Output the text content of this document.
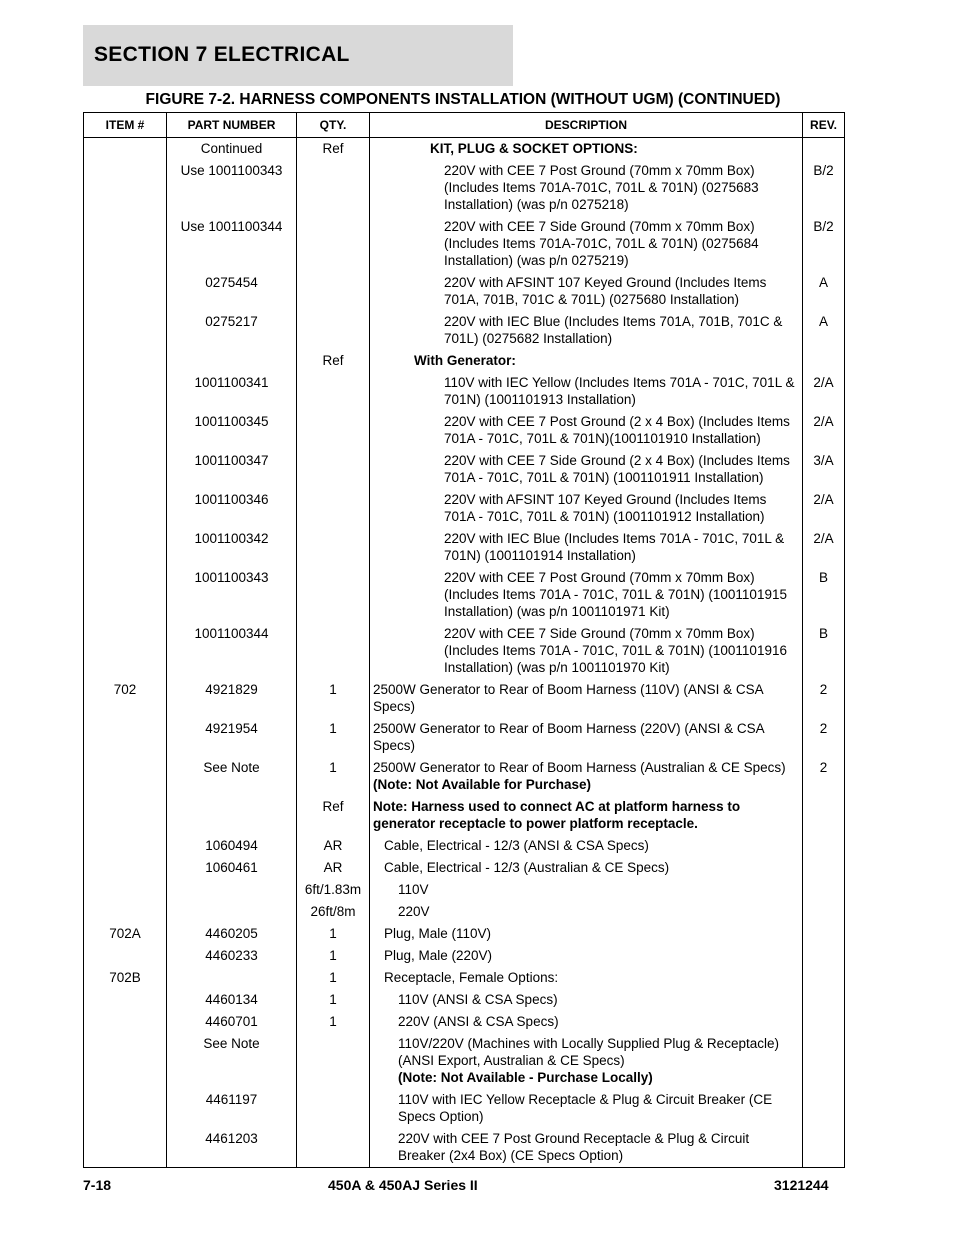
SECTION 7 ELECTRICAL
FIGURE 7-2. HARNESS COMPONENTS INSTALLATION (WITHOUT UGM) (CONTINUED)
ITEM #	PART NUMBER	QTY.	DESCRIPTION	REV.
	Continued	Ref	KIT, PLUG & SOCKET OPTIONS:	
	Use 1001100343		220V with CEE 7 Post Ground (70mm x 70mm Box) (Includes Items 701A-701C, 701L & 701N) (0275683 Installation) (was p/n 0275218)	B/2
	Use 1001100344		220V with CEE 7 Side Ground (70mm x 70mm Box) (Includes Items 701A-701C, 701L & 701N) (0275684 Installation) (was p/n 0275219)	B/2
	0275454		220V with AFSINT 107 Keyed Ground (Includes Items 701A, 701B, 701C & 701L) (0275680 Installation)	A
	0275217		220V with IEC Blue (Includes Items 701A, 701B, 701C & 701L) (0275682 Installation)	A
		Ref	With Generator:	
	1001100341		110V with IEC Yellow (Includes Items 701A - 701C, 701L & 701N) (1001101913 Installation)	2/A
	1001100345		220V with CEE 7 Post Ground (2 x 4 Box) (Includes Items 701A - 701C, 701L & 701N)(1001101910 Installation)	2/A
	1001100347		220V with CEE 7 Side Ground (2 x 4 Box) (Includes Items 701A - 701C, 701L & 701N) (1001101911 Installation)	3/A
	1001100346		220V with AFSINT 107 Keyed Ground (Includes Items 701A - 701C, 701L & 701N) (1001101912 Installation)	2/A
	1001100342		220V with IEC Blue (Includes Items 701A - 701C, 701L & 701N) (1001101914 Installation)	2/A
	1001100343		220V with CEE 7 Post Ground (70mm x 70mm Box) (Includes Items 701A - 701C, 701L & 701N) (1001101915 Installation) (was p/n 1001101971 Kit)	B
	1001100344		220V with CEE 7 Side Ground (70mm x 70mm Box) (Includes Items 701A - 701C, 701L & 701N) (1001101916 Installation) (was p/n 1001101970 Kit)	B
702	4921829	1	2500W Generator to Rear of Boom Harness (110V) (ANSI & CSA Specs)	2
	4921954	1	2500W Generator to Rear of Boom Harness (220V) (ANSI & CSA Specs)	2
	See Note	1	2500W Generator to Rear of Boom Harness (Australian & CE Specs) (Note: Not Available for Purchase)	2
		Ref	Note: Harness used to connect AC at platform harness to generator receptacle to power platform receptacle.	
	1060494	AR	Cable, Electrical - 12/3 (ANSI & CSA Specs)	
	1060461	AR	Cable, Electrical - 12/3 (Australian & CE Specs)	
		6ft/1.83m	110V	
		26ft/8m	220V	
702A	4460205	1	Plug, Male (110V)	
	4460233	1	Plug, Male (220V)	
702B		1	Receptacle, Female Options:	
	4460134	1	110V (ANSI & CSA Specs)	
	4460701	1	220V (ANSI & CSA Specs)	
	See Note		110V/220V (Machines with Locally Supplied Plug & Receptacle) (ANSI Export, Australian & CE Specs)
(Note: Not Available - Purchase Locally)	
	4461197		110V with IEC Yellow Receptacle & Plug & Circuit Breaker (CE Specs Option)	
	4461203		220V with CEE 7 Post Ground Receptacle & Plug & Circuit Breaker (2x4 Box) (CE Specs Option)	
7-18	450A & 450AJ Series II	3121244
